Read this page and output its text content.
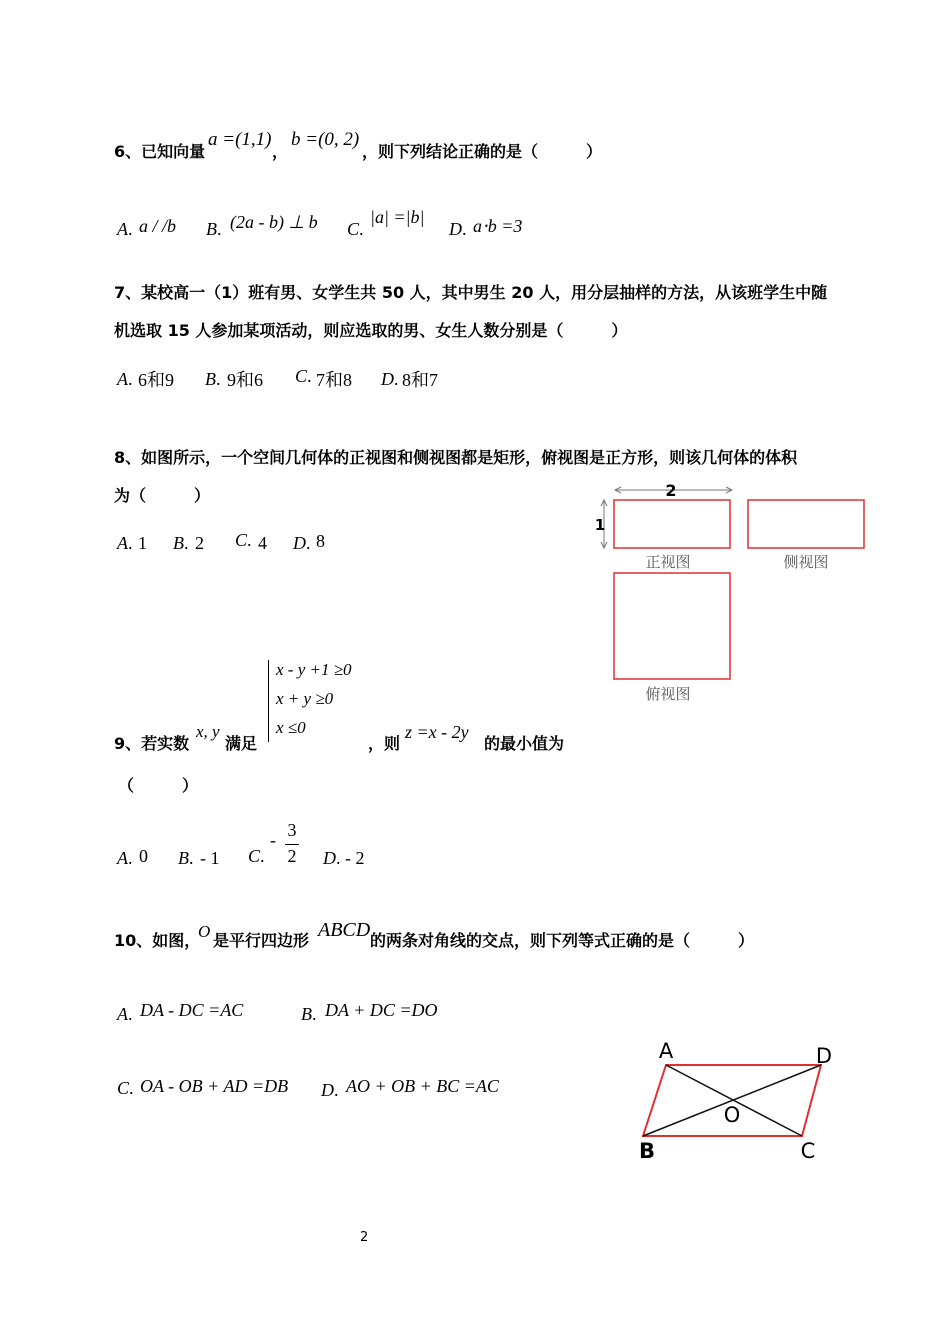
6、已知向量
a =(1,1)
，
b =(0, 2)
，则下列结论正确的是（　　　）
A. a / /b B. (2a - b) ⊥ b C.
|a| =|b|
D. a⋅b =3
7、某校高一（1）班有男、女学生共 50 人，其中男生 20 人，用分层抽样的方法，从该班学生中随
机选取 15 人参加某项活动，则应选取的男、女生人数分别是（　　　）
A. 6和9 B. 9和6 C. 7和8 D. 8和7
8、如图所示，一个空间几何体的正视图和侧视图都是矩形，俯视图是正方形，则该几何体的体积
为（　　　）
A. 1 B. 2 C. 4 D. 8
2
1
正视图	侧视图
俯视图
x - y +1 ≥0
x + y ≥0
x ≤0
9、若实数
x, y
满足	，则
z =x - 2y
的最小值为
（　　　）
A. 0 B. - 1 C.
- 3
2 D. - 2
10、如图，
O 是平行四边形 ABCD 的两条对角线的交点，则下列等式正确的是（　　　）
A. DA - DC =AC	B. DA + DC =DO
C. OA - OB + AD =DB D. AO + OB + BC =AC
A	D
B	C
O
2
